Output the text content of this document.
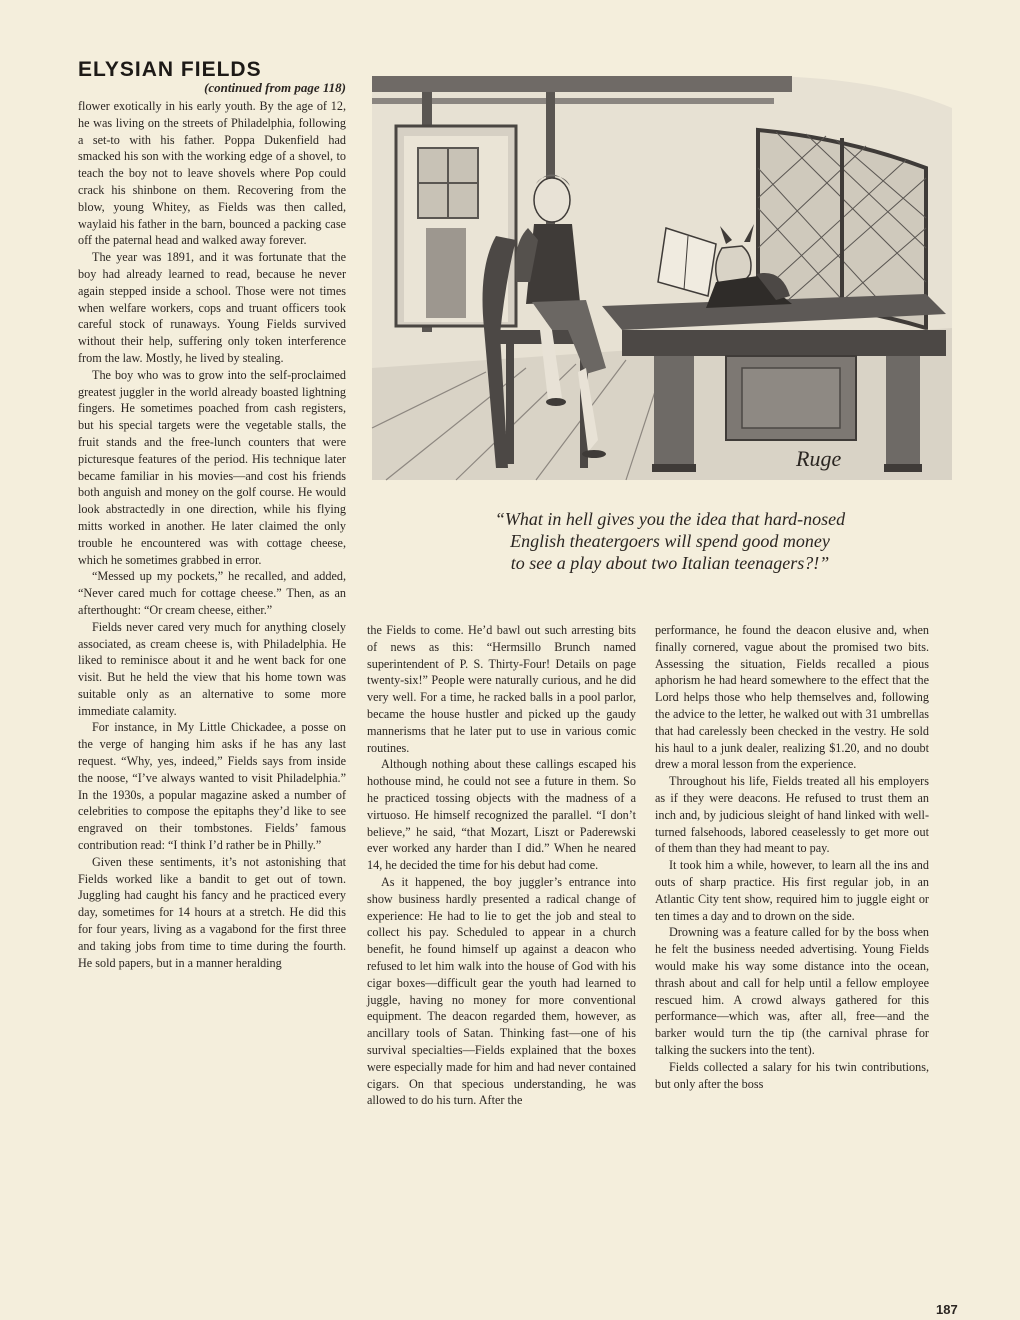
ELYSIAN FIELDS
(continued from page 118)

flower exotically in his early youth. By the age of 12, he was living on the streets of Philadelphia, following a set-to with his father. Poppa Dukenfield had smacked his son with the working edge of a shovel, to teach the boy not to leave shovels where Pop could crack his shinbone on them. Recovering from the blow, young Whitey, as Fields was then called, waylaid his father in the barn, bounced a packing case off the paternal head and walked away forever.

The year was 1891, and it was fortunate that the boy had already learned to read, because he never again stepped inside a school. Those were not times when welfare workers, cops and truant officers took careful stock of runaways. Young Fields survived without their help, suffering only token interference from the law. Mostly, he lived by stealing.

The boy who was to grow into the self-proclaimed greatest juggler in the world already boasted lightning fingers. He sometimes poached from cash registers, but his special targets were the vegetable stalls, the fruit stands and the free-lunch counters that were picturesque features of the period. His technique later became familiar in his movies—and cost his friends both anguish and money on the golf course. He would look abstractedly in one direction, while his flying mitts worked in another. He later claimed the only trouble he encountered was with cottage cheese, which he sometimes grabbed in error.

“Messed up my pockets,” he recalled, and added, “Never cared much for cottage cheese.” Then, as an afterthought: “Or cream cheese, either.”

Fields never cared very much for anything closely associated, as cream cheese is, with Philadelphia. He liked to reminisce about it and he went back for one visit. But he held the view that his home town was suitable only as an alternative to some more immediate calamity.

For instance, in My Little Chickadee, a posse on the verge of hanging him asks if he has any last request. “Why, yes, indeed,” Fields says from inside the noose, “I’ve always wanted to visit Philadelphia.” In the 1930s, a popular magazine asked a number of celebrities to compose the epitaphs they’d like to see engraved on their tombstones. Fields’ famous contribution read: “I think I’d rather be in Philly.”

Given these sentiments, it’s not astonishing that Fields worked like a bandit to get out of town. Juggling had caught his fancy and he practiced every day, sometimes for 14 hours at a stretch. He did this for four years, living as a vagabond for the first three and taking jobs from time to time during the fourth. He sold papers, but in a manner heralding

Ruge

“What in hell gives you the idea that hard-nosed
English theatergoers will spend good money
to see a play about two Italian teenagers?!”

the Fields to come. He’d bawl out such arresting bits of news as this: “Hermsillo Brunch named superintendent of P. S. Thirty-Four! Details on page twenty-six!” People were naturally curious, and he did very well. For a time, he racked balls in a pool parlor, became the house hustler and picked up the gaudy mannerisms that he later put to use in various comic routines.

Although nothing about these callings escaped his hothouse mind, he could not see a future in them. So he practiced tossing objects with the madness of a virtuoso. He himself recognized the parallel. “I don’t believe,” he said, “that Mozart, Liszt or Paderewski ever worked any harder than I did.” When he neared 14, he decided the time for his debut had come.

As it happened, the boy juggler’s entrance into show business hardly presented a radical change of experience: He had to lie to get the job and steal to collect his pay. Scheduled to appear in a church benefit, he found himself up against a deacon who refused to let him walk into the house of God with his cigar boxes—difficult gear the youth had learned to juggle, having no money for more conventional equipment. The deacon regarded them, however, as ancillary tools of Satan. Thinking fast—one of his survival specialties—Fields explained that the boxes were especially made for him and had never contained cigars. On that specious understanding, he was allowed to do his turn. After the

performance, he found the deacon elusive and, when finally cornered, vague about the promised two bits. Assessing the situation, Fields recalled a pious aphorism he had heard somewhere to the effect that the Lord helps those who help themselves and, following the advice to the letter, he walked out with 31 umbrellas that had carelessly been checked in the vestry. He sold his haul to a junk dealer, realizing $1.20, and no doubt drew a moral lesson from the experience.

Throughout his life, Fields treated all his employers as if they were deacons. He refused to trust them an inch and, by judicious sleight of hand linked with well-turned falsehoods, labored ceaselessly to get more out of them than they had meant to pay.

It took him a while, however, to learn all the ins and outs of sharp practice. His first regular job, in an Atlantic City tent show, required him to juggle eight or ten times a day and to drown on the side.

Drowning was a feature called for by the boss when he felt the business needed advertising. Young Fields would make his way some distance into the ocean, thrash about and call for help until a fellow employee rescued him. A crowd always gathered for this performance—which was, after all, free—and the barker would turn the tip (the carnival phrase for talking the suckers into the tent).

Fields collected a salary for his twin contributions, but only after the boss

187
